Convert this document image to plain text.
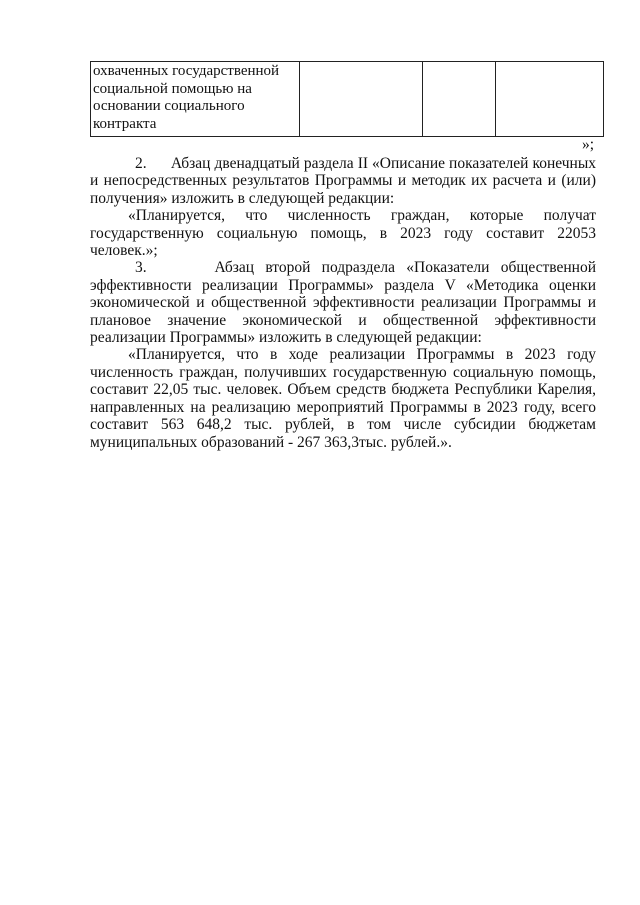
охваченных государственной
социальной помощью на
основании социального
контракта

»;

2. Абзац двенадцатый раздела II «Описание показателей конечных и непосредственных результатов Программы и методик их расчета и (или) получения» изложить в следующей редакции:

«Планируется, что численность граждан, которые получат государственную социальную помощь, в 2023 году составит 22053 человек.»;

3.	Абзац второй подраздела «Показатели общественной эффективности реализации Программы» раздела V «Методика оценки экономической и общественной эффективности реализации Программы и плановое значение экономической и общественной эффективности реализации Программы» изложить в следующей редакции:

«Планируется, что в ходе реализации Программы в 2023 году численность граждан, получивших государственную социальную помощь, составит 22,05 тыс. человек. Объем средств бюджета Республики Карелия, направленных на реализацию мероприятий Программы в 2023 году, всего составит 563 648,2 тыс. рублей, в том числе субсидии бюджетам муниципальных образований - 267 363,3тыс. рублей.».
